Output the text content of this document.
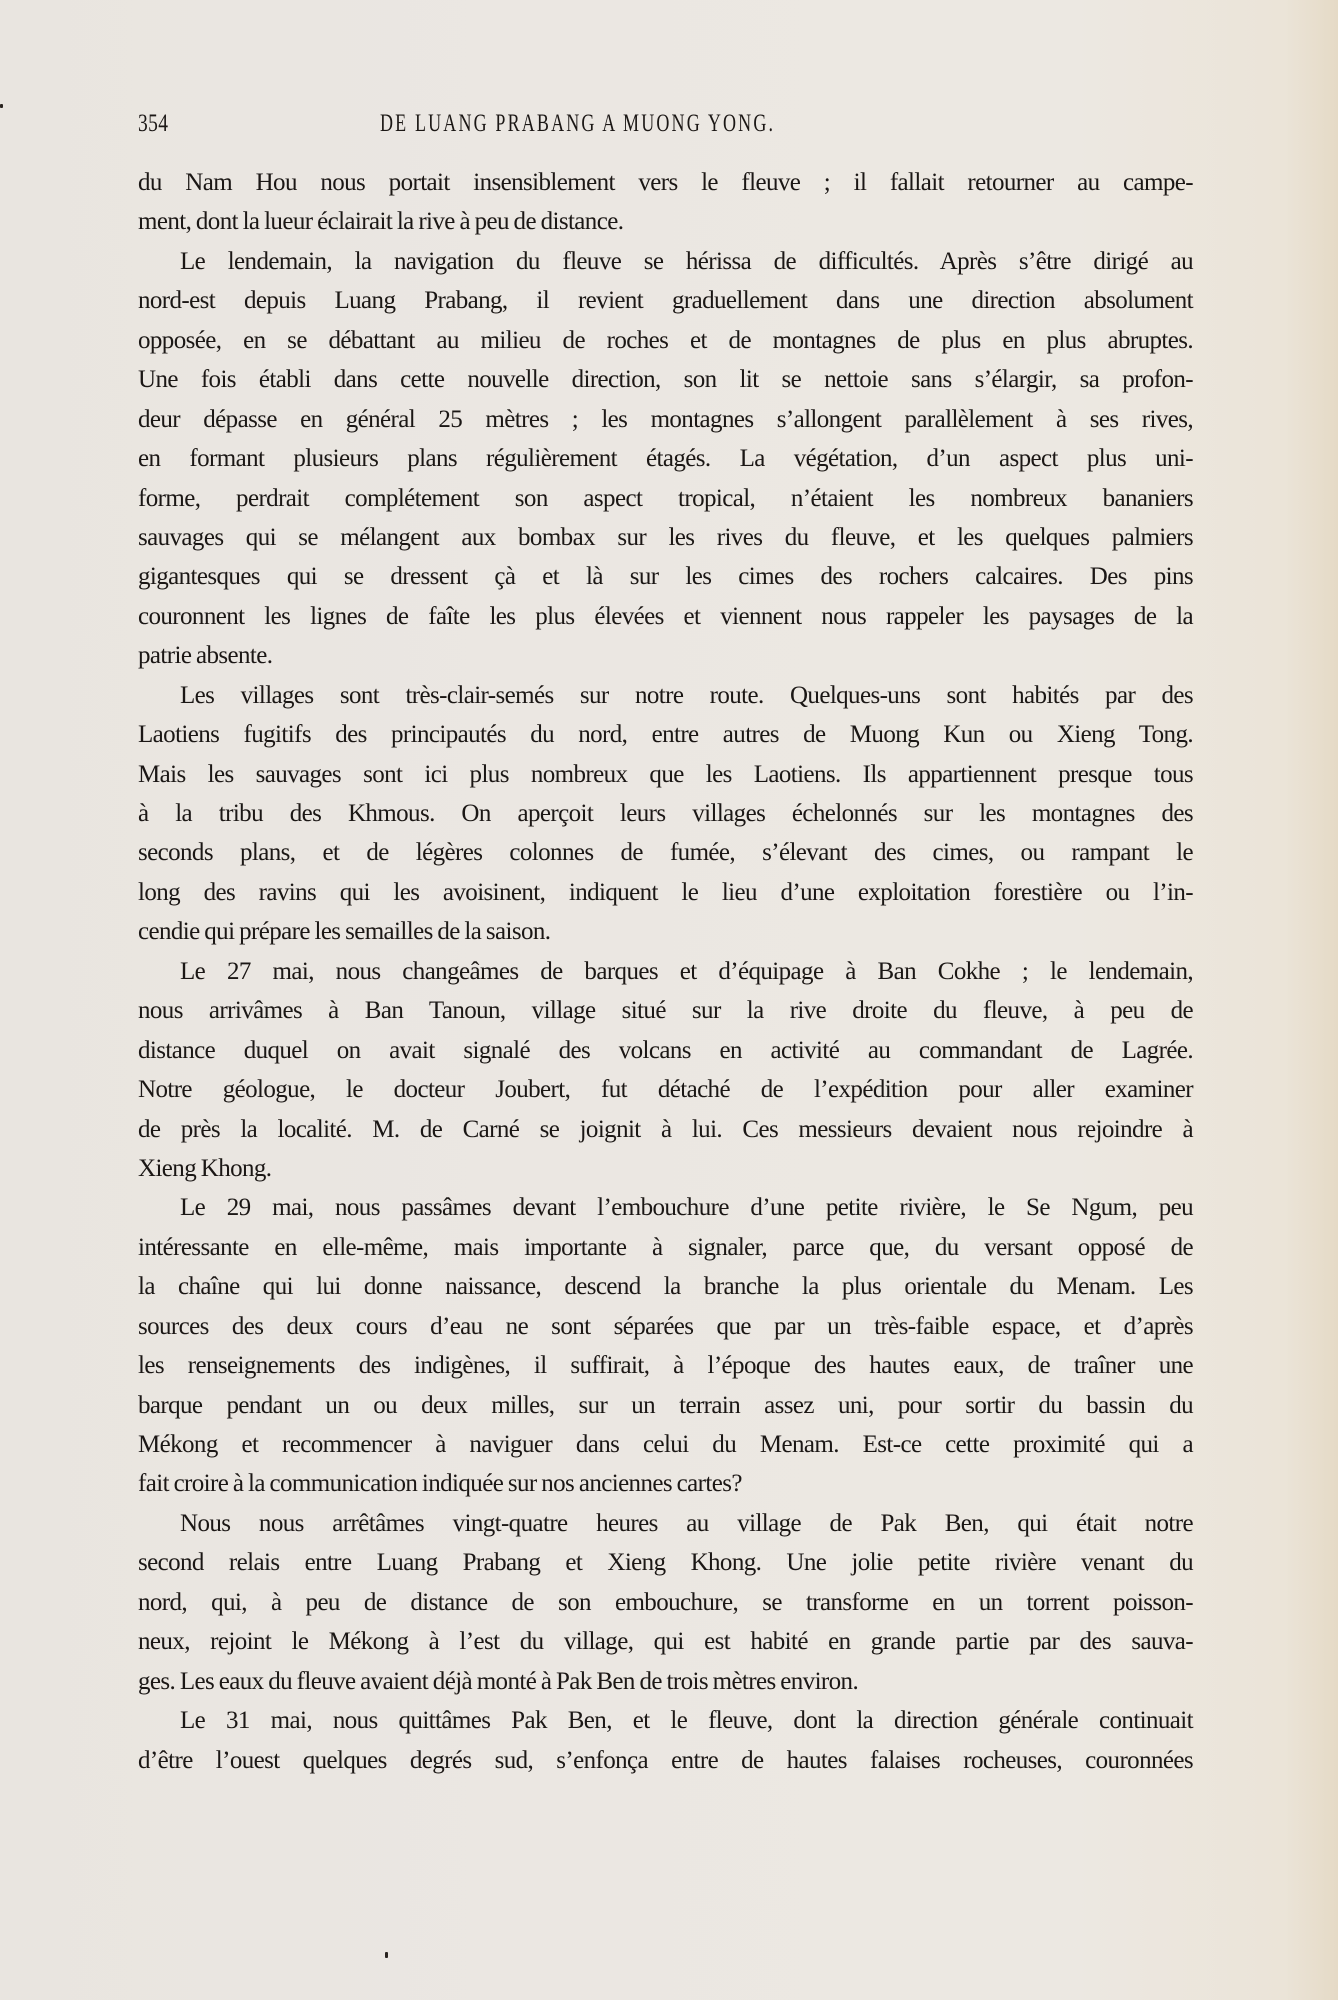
354	DE LUANG PRABANG A MUONG YONG.
du Nam Hou nous portait insensiblement vers le fleuve ; il fallait retourner au campe-
ment, dont la lueur éclairait la rive à peu de distance.
Le lendemain, la navigation du fleuve se hérissa de difficultés. Après s’être dirigé au
nord-est depuis Luang Prabang, il revient graduellement dans une direction absolument
opposée, en se débattant au milieu de roches et de montagnes de plus en plus abruptes.
Une fois établi dans cette nouvelle direction, son lit se nettoie sans s’élargir, sa profon-
deur dépasse en général 25 mètres ; les montagnes s’allongent parallèlement à ses rives,
en formant plusieurs plans régulièrement étagés. La végétation, d’un aspect plus uni-
forme, perdrait complétement son aspect tropical, n’étaient les nombreux bananiers
sauvages qui se mélangent aux bombax sur les rives du fleuve, et les quelques palmiers
gigantesques qui se dressent çà et là sur les cimes des rochers calcaires. Des pins
couronnent les lignes de faîte les plus élevées et viennent nous rappeler les paysages de la
patrie absente.
Les villages sont très-clair-semés sur notre route. Quelques-uns sont habités par des
Laotiens fugitifs des principautés du nord, entre autres de Muong Kun ou Xieng Tong.
Mais les sauvages sont ici plus nombreux que les Laotiens. Ils appartiennent presque tous
à la tribu des Khmous. On aperçoit leurs villages échelonnés sur les montagnes des
seconds plans, et de légères colonnes de fumée, s’élevant des cimes, ou rampant le
long des ravins qui les avoisinent, indiquent le lieu d’une exploitation forestière ou l’in-
cendie qui prépare les semailles de la saison.
Le 27 mai, nous changeâmes de barques et d’équipage à Ban Cokhe ; le lendemain,
nous arrivâmes à Ban Tanoun, village situé sur la rive droite du fleuve, à peu de
distance duquel on avait signalé des volcans en activité au commandant de Lagrée.
Notre géologue, le docteur Joubert, fut détaché de l’expédition pour aller examiner
de près la localité. M. de Carné se joignit à lui. Ces messieurs devaient nous rejoindre à
Xieng Khong.
Le 29 mai, nous passâmes devant l’embouchure d’une petite rivière, le Se Ngum, peu
intéressante en elle-même, mais importante à signaler, parce que, du versant opposé de
la chaîne qui lui donne naissance, descend la branche la plus orientale du Menam. Les
sources des deux cours d’eau ne sont séparées que par un très-faible espace, et d’après
les renseignements des indigènes, il suffirait, à l’époque des hautes eaux, de traîner une
barque pendant un ou deux milles, sur un terrain assez uni, pour sortir du bassin du
Mékong et recommencer à naviguer dans celui du Menam. Est-ce cette proximité qui a
fait croire à la communication indiquée sur nos anciennes cartes?
Nous nous arrêtâmes vingt-quatre heures au village de Pak Ben, qui était notre
second relais entre Luang Prabang et Xieng Khong. Une jolie petite rivière venant du
nord, qui, à peu de distance de son embouchure, se transforme en un torrent poisson-
neux, rejoint le Mékong à l’est du village, qui est habité en grande partie par des sauva-
ges. Les eaux du fleuve avaient déjà monté à Pak Ben de trois mètres environ.
Le 31 mai, nous quittâmes Pak Ben, et le fleuve, dont la direction générale continuait
d’être l’ouest quelques degrés sud, s’enfonça entre de hautes falaises rocheuses, couronnées
